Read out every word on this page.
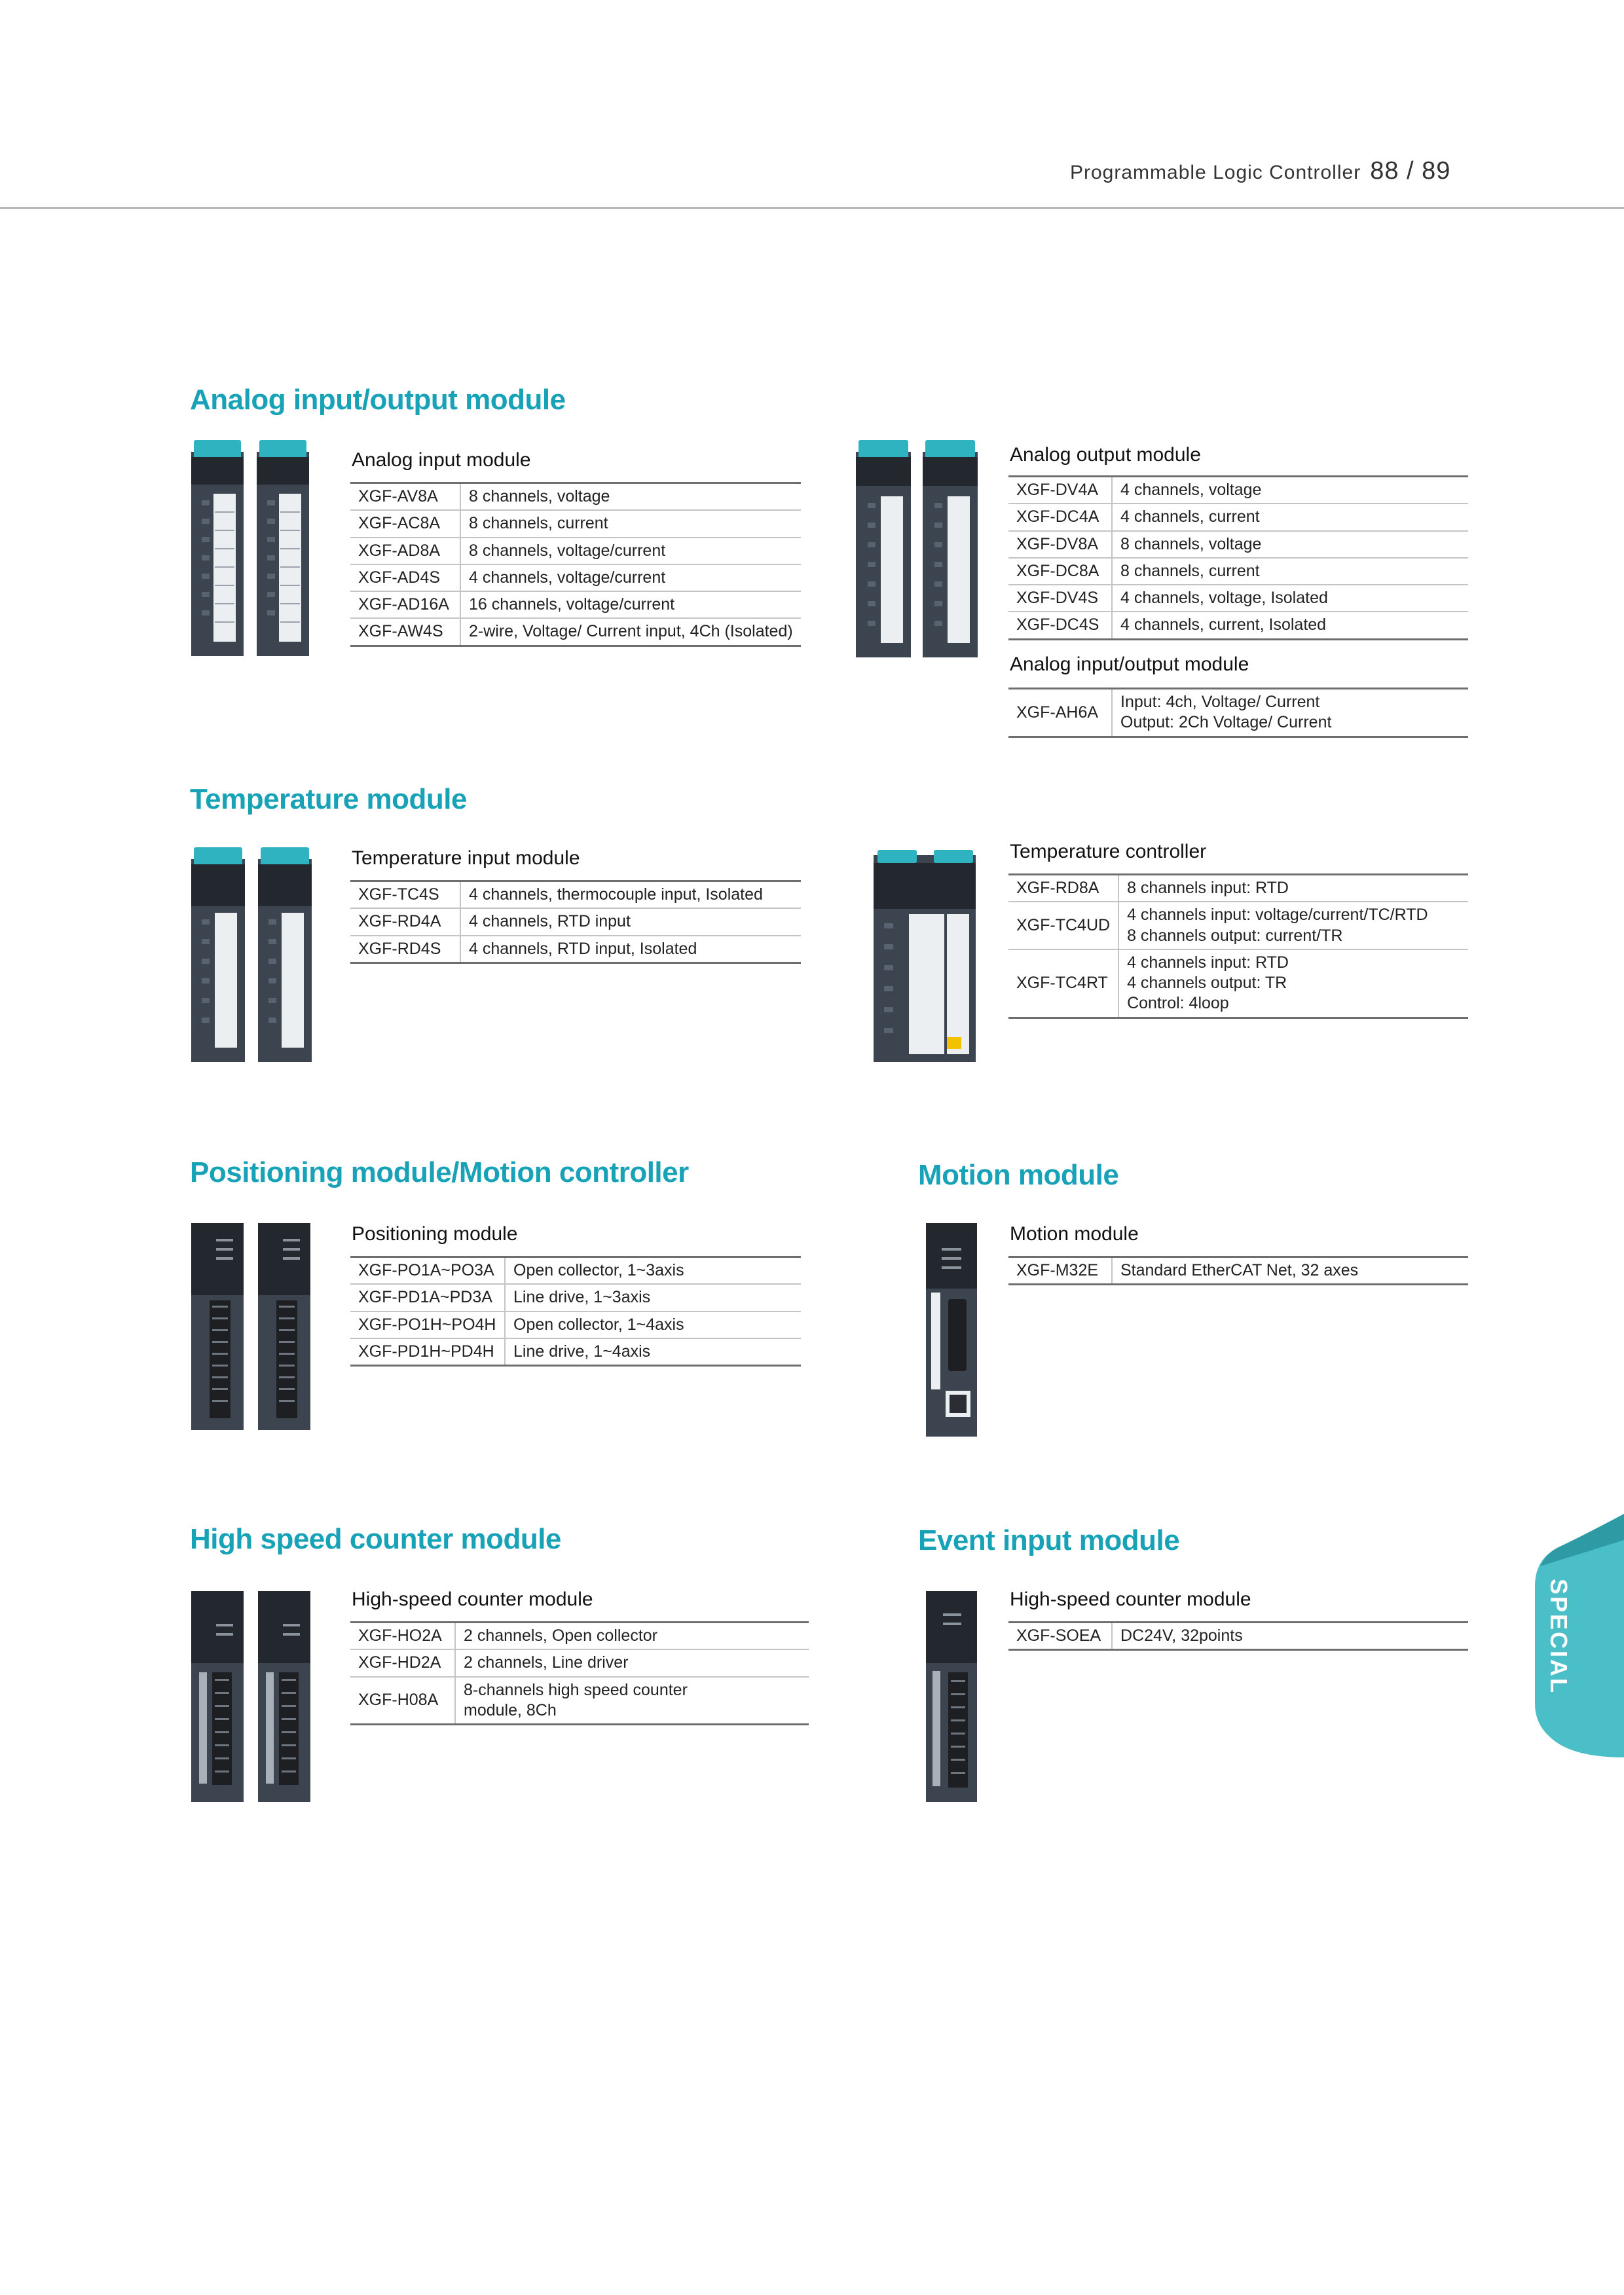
Programmable Logic Controller 88 / 89
Analog input/output module
Analog input module
XGF-AV8A	8 channels, voltage
XGF-AC8A	8 channels, current
XGF-AD8A	8 channels, voltage/current
XGF-AD4S	4 channels, voltage/current
XGF-AD16A	16 channels, voltage/current
XGF-AW4S	2-wire, Voltage/ Current input, 4Ch (Isolated)
Analog output module
XGF-DV4A	4 channels, voltage
XGF-DC4A	4 channels, current
XGF-DV8A	8 channels, voltage
XGF-DC8A	8 channels, current
XGF-DV4S	4 channels, voltage, Isolated
XGF-DC4S	4 channels, current, Isolated
Analog input/output module
XGF-AH6A	Input: 4ch, Voltage/ Current
Output: 2Ch Voltage/ Current
Temperature module
Temperature input module
XGF-TC4S	4 channels, thermocouple input, Isolated
XGF-RD4A	4 channels, RTD input
XGF-RD4S	4 channels, RTD input, Isolated
Temperature controller
XGF-RD8A	8 channels input: RTD
XGF-TC4UD	4 channels input: voltage/current/TC/RTD
8 channels output: current/TR
XGF-TC4RT	4 channels input: RTD
4 channels output: TR
Control: 4loop
Positioning module/Motion controller
Positioning module
XGF-PO1A~PO3A	Open collector, 1~3axis
XGF-PD1A~PD3A	Line drive, 1~3axis
XGF-PO1H~PO4H	Open collector, 1~4axis
XGF-PD1H~PD4H	Line drive, 1~4axis
Motion module
Motion module
XGF-M32E	Standard EtherCAT Net, 32 axes
High speed counter module
High-speed counter module
XGF-HO2A	2 channels, Open collector
XGF-HD2A	2 channels, Line driver
XGF-H08A	8-channels high speed counter
module, 8Ch
Event input module
High-speed counter module
XGF-SOEA	DC24V, 32points	SPECIAL
